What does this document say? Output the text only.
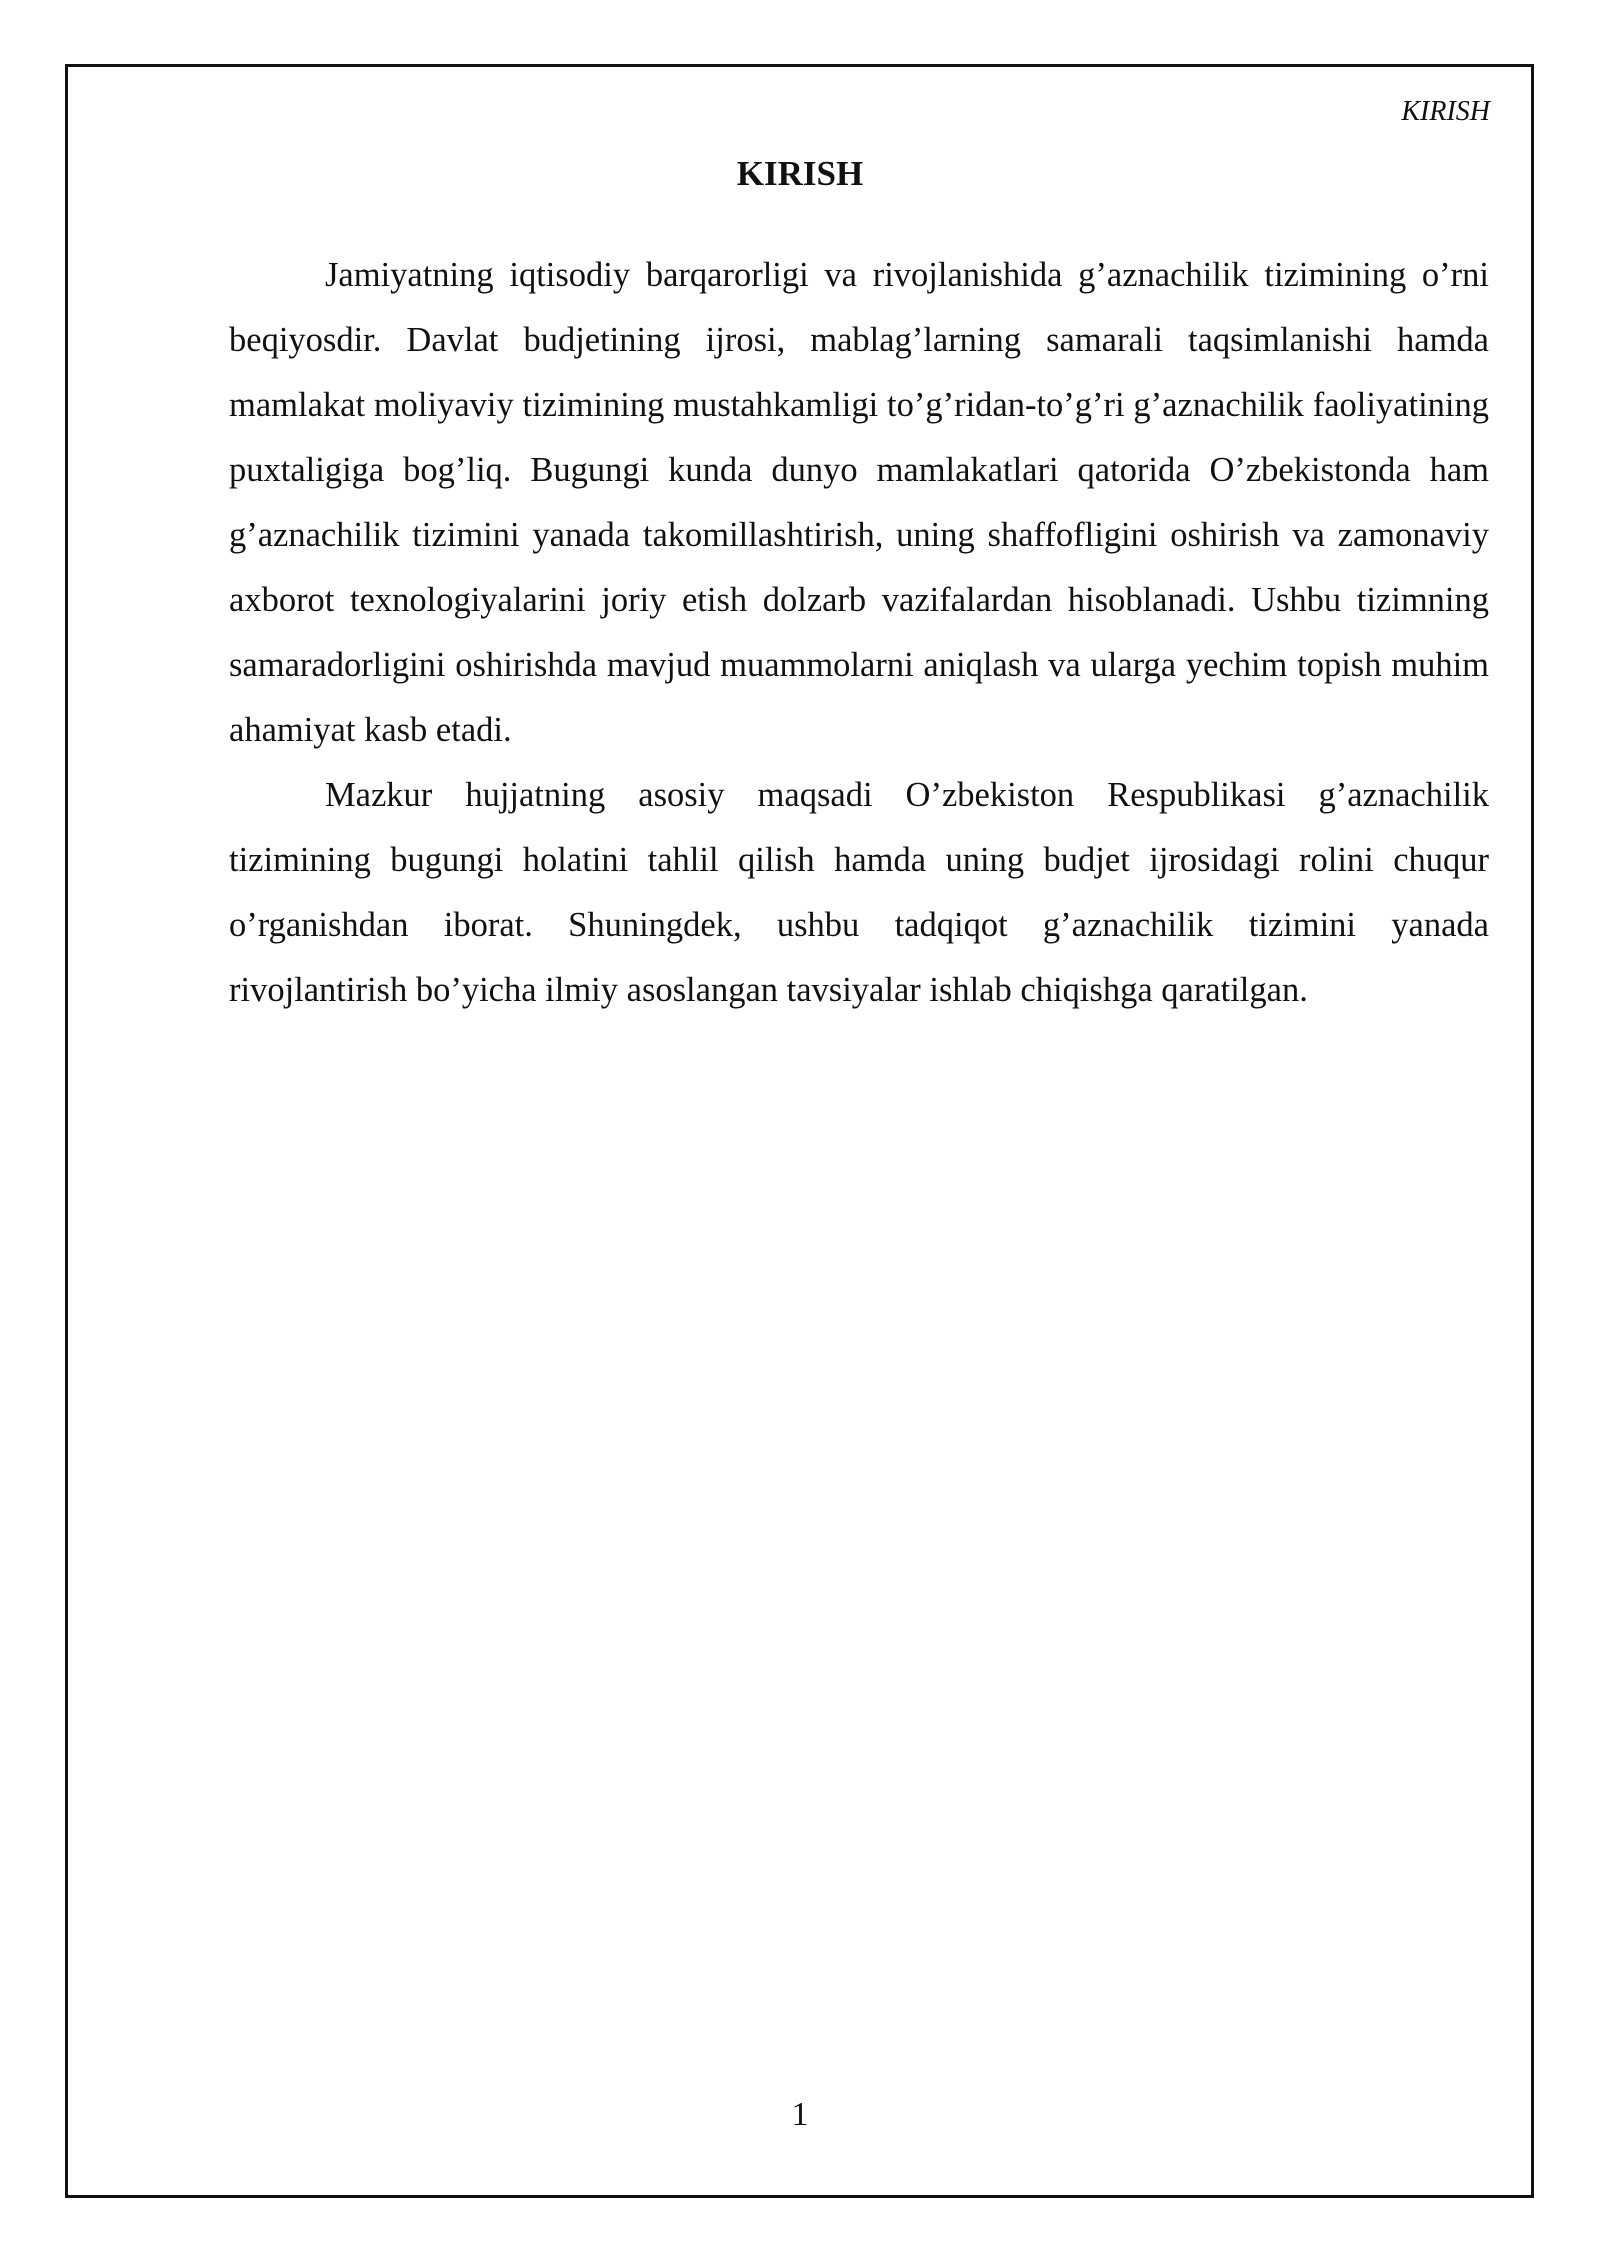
KIRISH
KIRISH

Jamiyatning iqtisodiy barqarorligi va rivojlanishida g’aznachilik tizimining o’rni beqiyosdir. Davlat budjetining ijrosi, mablag’larning samarali taqsimlanishi hamda mamlakat moliyaviy tizimining mustahkamligi to’g’ridan-to’g’ri g’aznachilik faoliyatining puxtaligiga bog’liq. Bugungi kunda dunyo mamlakatlari qatorida O’zbekistonda ham g’aznachilik tizimini yanada takomillashtirish, uning shaffofligini oshirish va zamonaviy axborot texnologiyalarini joriy etish dolzarb vazifalardan hisoblanadi. Ushbu tizimning samaradorligini oshirishda mavjud muammolarni aniqlash va ularga yechim topish muhim ahamiyat kasb etadi.

Mazkur hujjatning asosiy maqsadi O’zbekiston Respublikasi g’aznachilik tizimining bugungi holatini tahlil qilish hamda uning budjet ijrosidagi rolini chuqur o’rganishdan iborat. Shuningdek, ushbu tadqiqot g’aznachilik tizimini yanada rivojlantirish bo’yicha ilmiy asoslangan tavsiyalar ishlab chiqishga qaratilgan.

1
